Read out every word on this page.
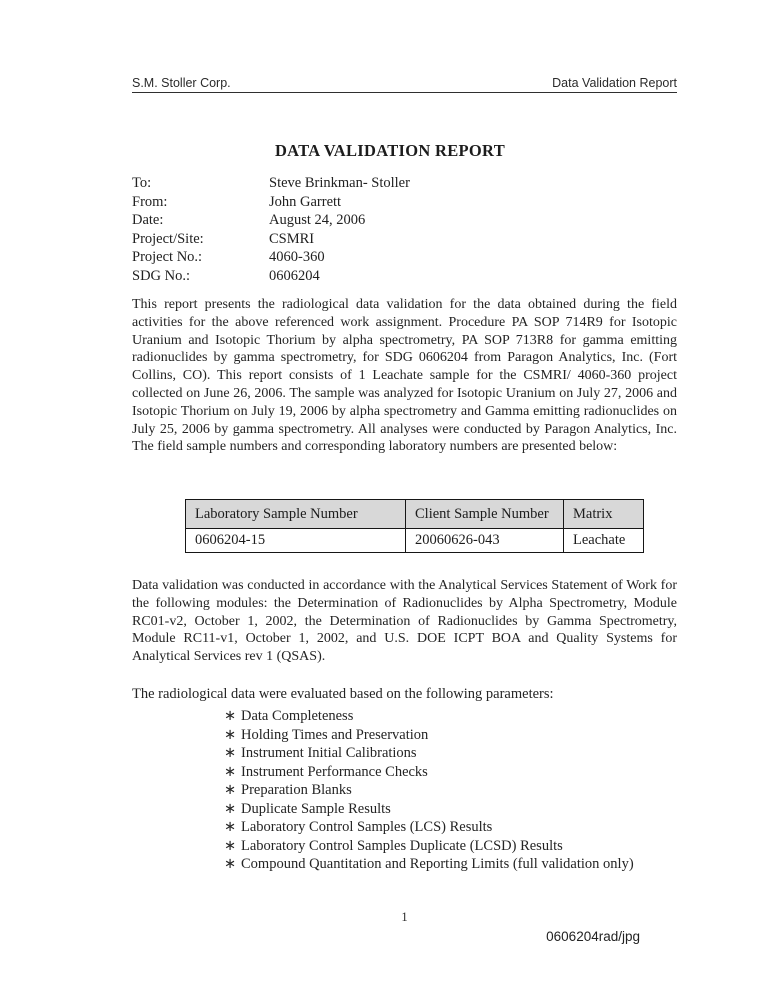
S.M. Stoller Corp.	Data Validation Report
DATA VALIDATION REPORT
To:	Steve Brinkman- Stoller
From:	John Garrett
Date:	August 24, 2006
Project/Site:	CSMRI
Project No.:	4060-360
SDG No.:	0606204

This report presents the radiological data validation for the data obtained during the field activities for the above referenced work assignment. Procedure PA SOP 714R9 for Isotopic Uranium and Isotopic Thorium by alpha spectrometry, PA SOP 713R8 for gamma emitting radionuclides by gamma spectrometry, for SDG 0606204 from Paragon Analytics, Inc. (Fort Collins, CO). This report consists of 1 Leachate sample for the CSMRI/ 4060-360 project collected on June 26, 2006. The sample was analyzed for Isotopic Uranium on July 27, 2006 and Isotopic Thorium on July 19, 2006 by alpha spectrometry and Gamma emitting radionuclides on July 25, 2006 by gamma spectrometry. All analyses were conducted by Paragon Analytics, Inc. The field sample numbers and corresponding laboratory numbers are presented below:

Laboratory Sample Number	Client Sample Number	Matrix
0606204-15	20060626-043	Leachate

Data validation was conducted in accordance with the Analytical Services Statement of Work for the following modules: the Determination of Radionuclides by Alpha Spectrometry, Module RC01-v2, October 1, 2002, the Determination of Radionuclides by Gamma Spectrometry, Module RC11-v1, October 1, 2002, and U.S. DOE ICPT BOA and Quality Systems for Analytical Services rev 1 (QSAS).

The radiological data were evaluated based on the following parameters:

∗ Data Completeness
∗ Holding Times and Preservation
∗ Instrument Initial Calibrations
∗ Instrument Performance Checks
∗ Preparation Blanks
∗ Duplicate Sample Results
∗ Laboratory Control Samples (LCS) Results
∗ Laboratory Control Samples Duplicate (LCSD) Results
∗ Compound Quantitation and Reporting Limits (full validation only)
1
0606204rad/jpg
